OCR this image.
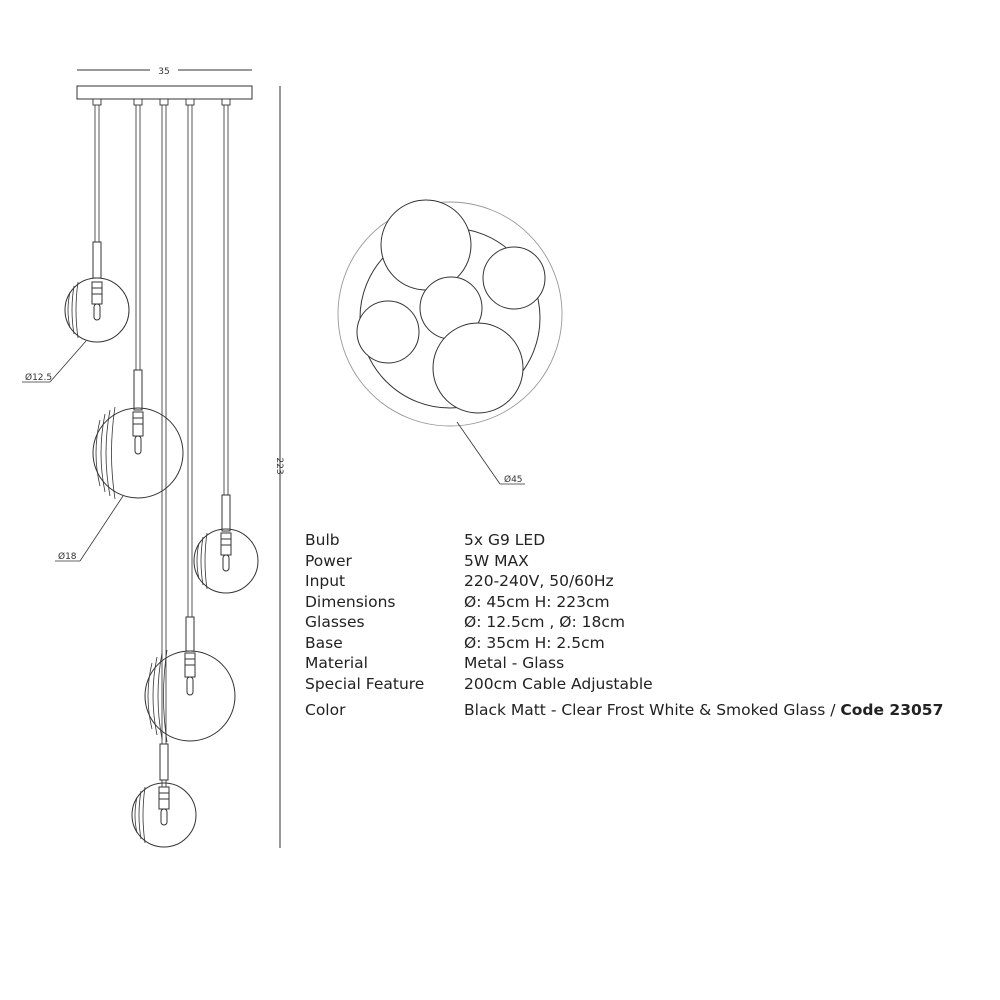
35
Ø12.5
Ø18
223
Ø45
Bulb	5x G9 LED
Power	5W MAX
Input	220-240V, 50/60Hz
Dimensions	Ø: 45cm H: 223cm
Glasses	Ø: 12.5cm , Ø: 18cm
Base	Ø: 35cm H: 2.5cm
Material	Metal - Glass
Special Feature	200cm Cable Adjustable
Color	Black Matt - Clear Frost White & Smoked Glass / Code 23057
